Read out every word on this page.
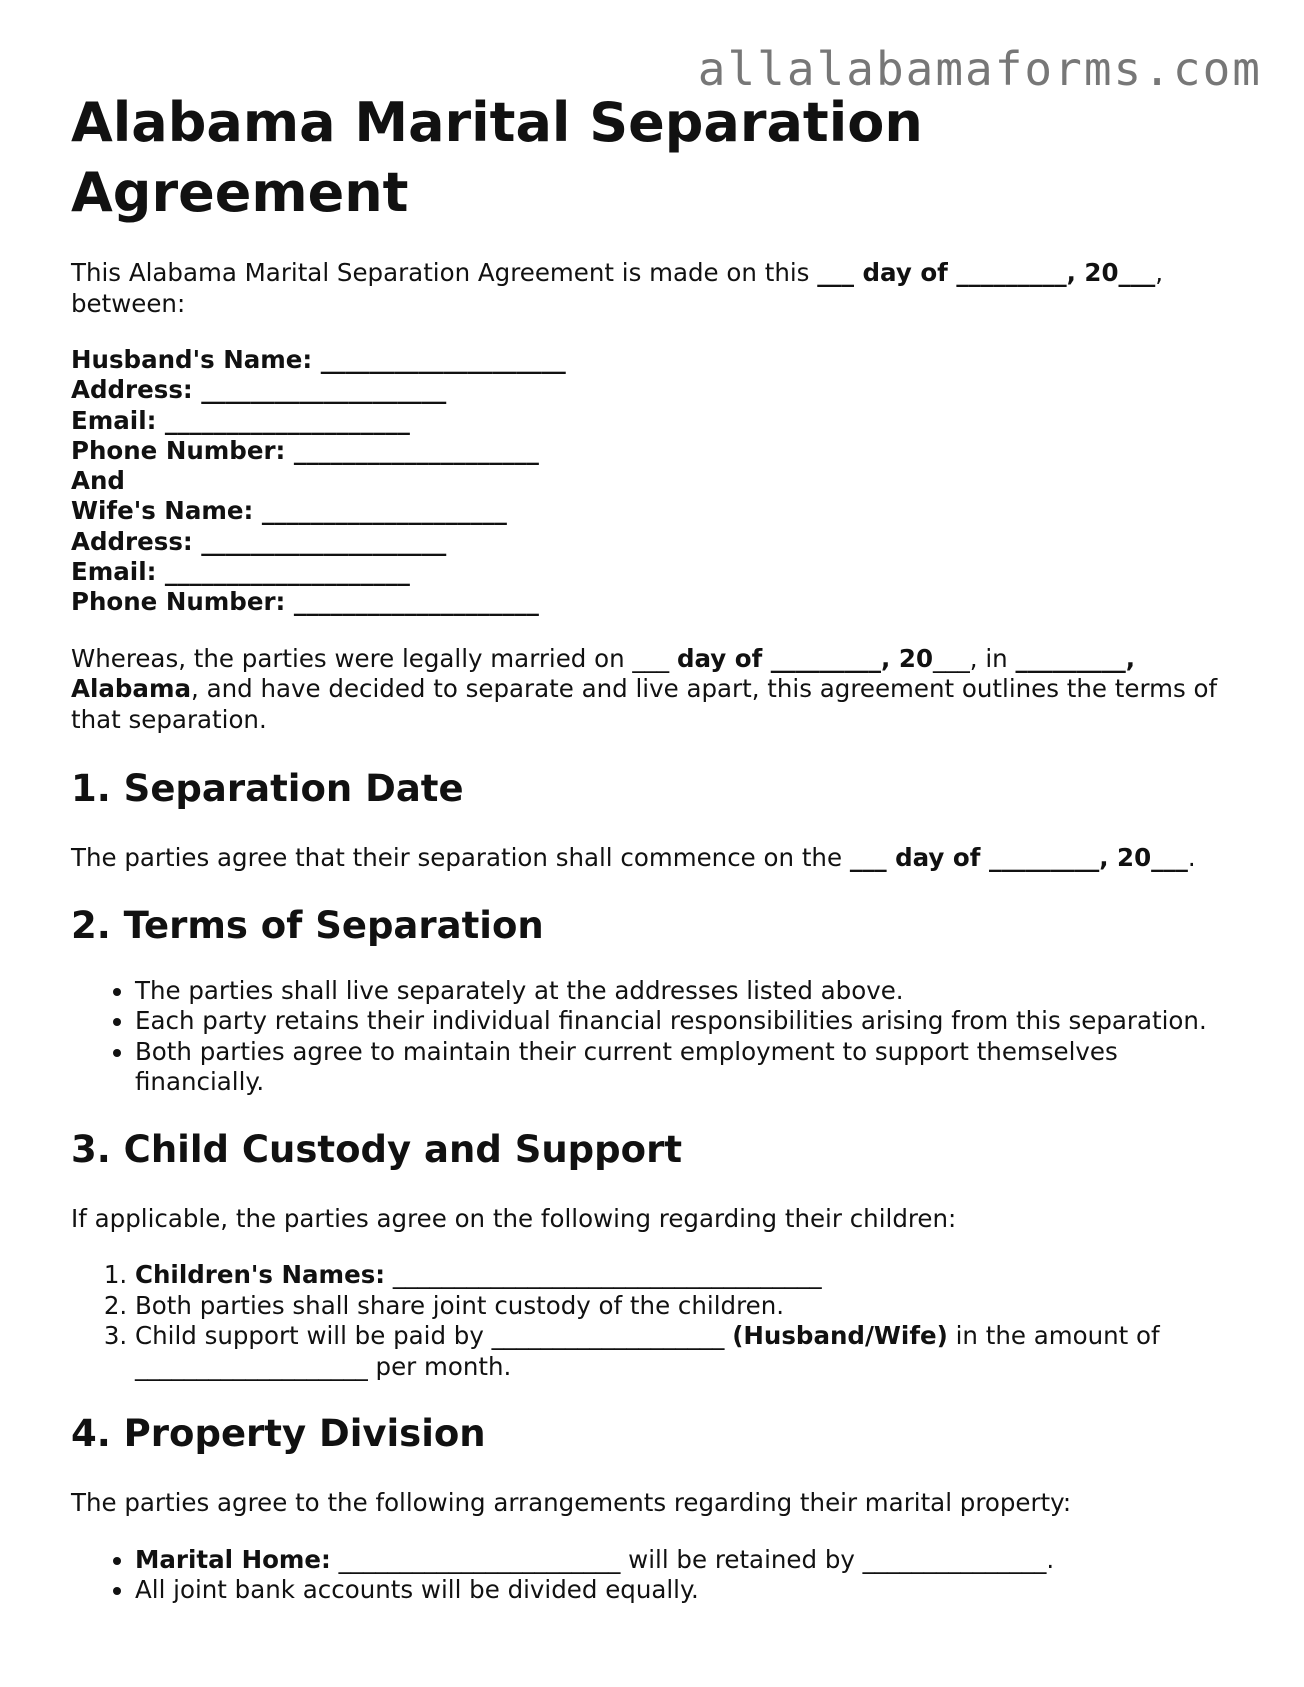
allalabamaforms.com
Alabama Marital Separation Agreement

This Alabama Marital Separation Agreement is made on this ___ day of _________, 20___, between:

Husband's Name: ____________________
Address: ____________________
Email: ____________________
Phone Number: ____________________
And
Wife's Name: ____________________
Address: ____________________
Email: ____________________
Phone Number: ____________________

Whereas, the parties were legally married on ___ day of _________, 20___, in _________, Alabama, and have decided to separate and live apart, this agreement outlines the terms of that separation.

1. Separation Date

The parties agree that their separation shall commence on the ___ day of _________, 20___.

2. Terms of Separation
• The parties shall live separately at the addresses listed above.
• Each party retains their individual financial responsibilities arising from this separation.
• Both parties agree to maintain their current employment to support themselves financially.
3. Child Custody and Support

If applicable, the parties agree on the following regarding their children:

1. Children's Names: ___________________________________
2. Both parties shall share joint custody of the children.
3. Child support will be paid by ___________________ (Husband/Wife) in the amount of ___________________ per month.
4. Property Division

The parties agree to the following arrangements regarding their marital property:

• Marital Home: _______________________ will be retained by _______________.
• All joint bank accounts will be divided equally.
